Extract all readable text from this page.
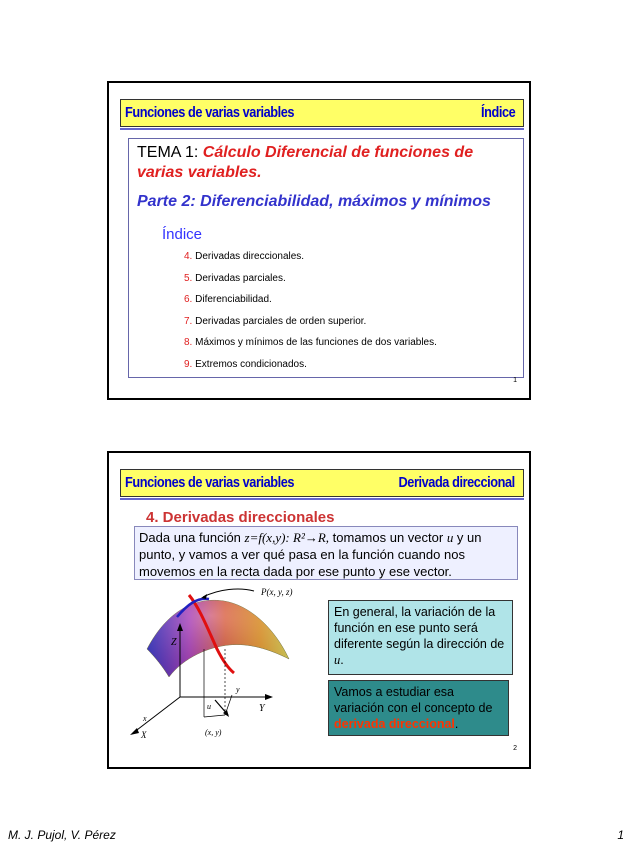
Funciones de varias variables	Índice
TEMA 1: Cálculo Diferencial de funciones de varias variables.
Parte 2: Diferenciabilidad, máximos y mínimos
Índice
4. Derivadas direccionales.
5. Derivadas parciales.
6. Diferenciabilidad.
7. Derivadas parciales de orden superior.
8. Máximos y mínimos de las funciones de dos variables.
9. Extremos condicionados.
1
Funciones de varias variables	Derivada direccional
4. Derivadas direccionales
Dada una función z=f(x,y): R²→R, tomamos un vector u y un punto, y vamos a ver qué pasa en la función cuando nos movemos en la recta dada por ese punto y ese vector.
P(x, y, z)
Z
Y
X
x
u
y
(x, y)
En general, la variación de la función en ese punto será diferente según la dirección de u.
Vamos a estudiar esa variación con el concepto de derivada direccional.
2
M. J. Pujol, V. Pérez	1
